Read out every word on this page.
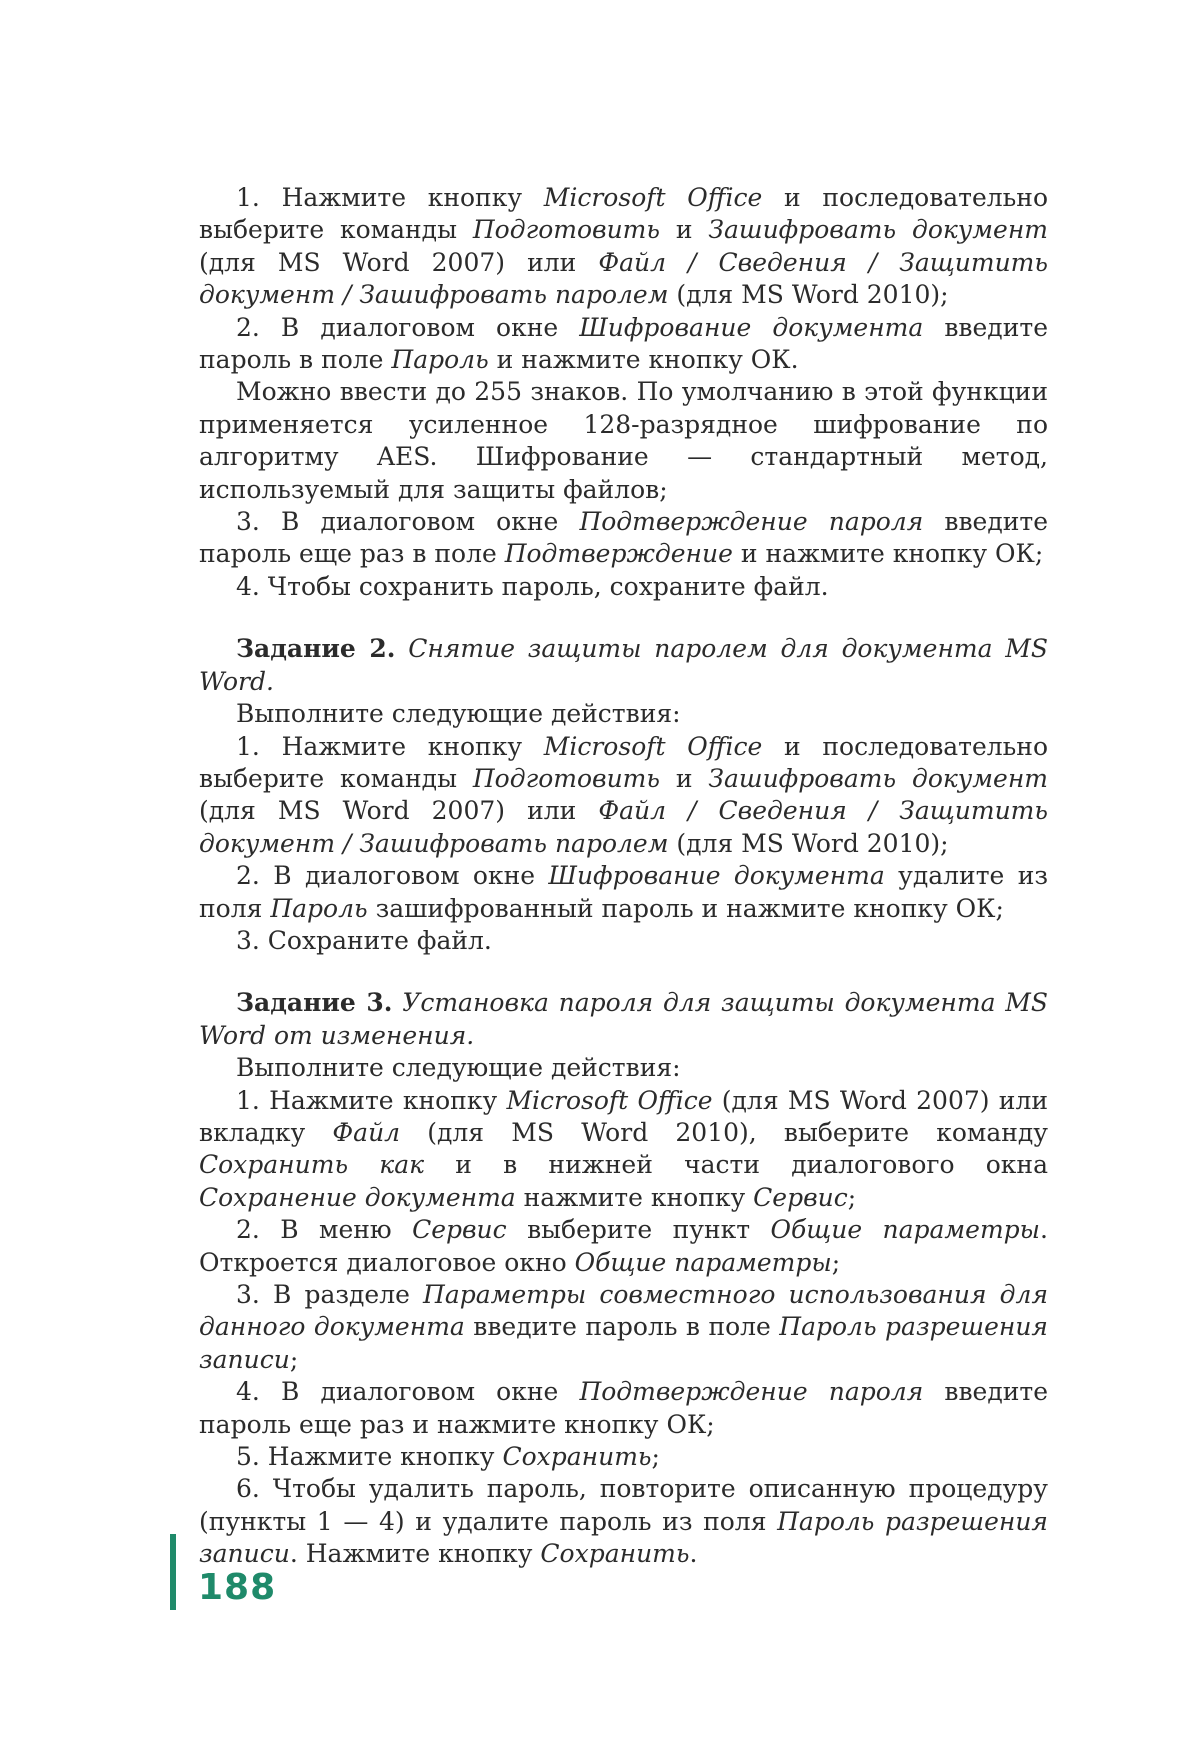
1. Нажмите кнопку Microsoft Office и последовательно выберите команды Подготовить и Зашифровать документ (для MS Word 2007) или Файл / Сведения / Защитить документ / Зашифровать паролем (для MS Word 2010);

2. В диалоговом окне Шифрование документа введите пароль в поле Пароль и нажмите кнопку ОК.

Можно ввести до 255 знаков. По умолчанию в этой функции применяется усиленное 128-разрядное шифрование по алгоритму AES. Шифрование — стандартный метод, используемый для защиты файлов;

3. В диалоговом окне Подтверждение пароля введите пароль еще раз в поле Подтверждение и нажмите кнопку ОК;

4. Чтобы сохранить пароль, сохраните файл.

Задание 2. Снятие защиты паролем для документа MS Word.

Выполните следующие действия:

1. Нажмите кнопку Microsoft Office и последовательно выберите команды Подготовить и Зашифровать документ (для MS Word 2007) или Файл / Сведения / Защитить документ / Зашифровать паролем (для MS Word 2010);

2. В диалоговом окне Шифрование документа удалите из поля Пароль зашифрованный пароль и нажмите кнопку ОК;

3. Сохраните файл.

Задание 3. Установка пароля для защиты документа MS Word от изменения.

Выполните следующие действия:

1. Нажмите кнопку Microsoft Office (для MS Word 2007) или вкладку Файл (для MS Word 2010), выберите команду Сохранить как и в нижней части диалогового окна Сохранение документа нажмите кнопку Сервис;

2. В меню Сервис выберите пункт Общие параметры. Откроется диалоговое окно Общие параметры;

3. В разделе Параметры совместного использования для данного документа введите пароль в поле Пароль разрешения записи;

4. В диалоговом окне Подтверждение пароля введите пароль еще раз и нажмите кнопку ОК;

5. Нажмите кнопку Сохранить;

6. Чтобы удалить пароль, повторите описанную процедуру (пункты 1 — 4) и удалите пароль из поля Пароль разрешения записи. Нажмите кнопку Сохранить.

188
